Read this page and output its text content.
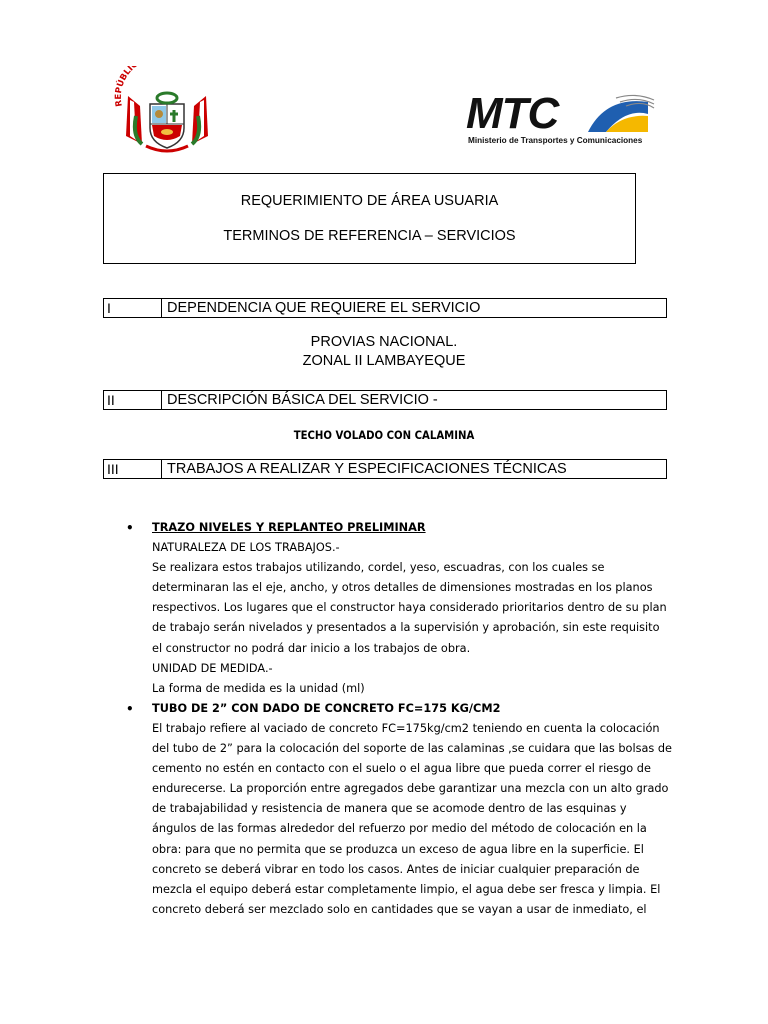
REPÚBLI
MTC
Ministerio de Transportes y Comunicaciones
REQUERIMIENTO DE ÁREA USUARIA
TERMINOS DE REFERENCIA – SERVICIOS
I	DEPENDENCIA QUE REQUIERE EL SERVICIO
PROVIAS NACIONAL.
ZONAL II LAMBAYEQUE
II	DESCRIPCIÓN BÁSICA DEL SERVICIO -
TECHO VOLADO CON CALAMINA
III	TRABAJOS A REALIZAR Y ESPECIFICACIONES TÉCNICAS

• TRAZO NIVELES Y REPLANTEO PRELIMINAR

NATURALEZA DE LOS TRABAJOS.-

Se realizara estos trabajos utilizando, cordel, yeso, escuadras, con los cuales se

determinaran las el eje, ancho, y otros detalles de dimensiones mostradas en los planos

respectivos. Los lugares que el constructor haya considerado prioritarios dentro de su plan

de trabajo serán nivelados y presentados a la supervisión y aprobación, sin este requisito

el constructor no podrá dar inicio a los trabajos de obra.

UNIDAD DE MEDIDA.-

La forma de medida es la unidad (ml)

• TUBO DE 2” CON DADO DE CONCRETO FC=175 KG/CM2

El trabajo refiere al vaciado de concreto FC=175kg/cm2 teniendo en cuenta la colocación

del tubo de 2” para la colocación del soporte de las calaminas ,se cuidara que las bolsas de

cemento no estén en contacto con el suelo o el agua libre que pueda correr el riesgo de

endurecerse. La proporción entre agregados debe garantizar una mezcla con un alto grado

de trabajabilidad y resistencia de manera que se acomode dentro de las esquinas y

ángulos de las formas alrededor del refuerzo por medio del método de colocación en la

obra: para que no permita que se produzca un exceso de agua libre en la superficie. El

concreto se deberá vibrar en todo los casos. Antes de iniciar cualquier preparación de

mezcla el equipo deberá estar completamente limpio, el agua debe ser fresca y limpia. El

concreto deberá ser mezclado solo en cantidades que se vayan a usar de inmediato, el
